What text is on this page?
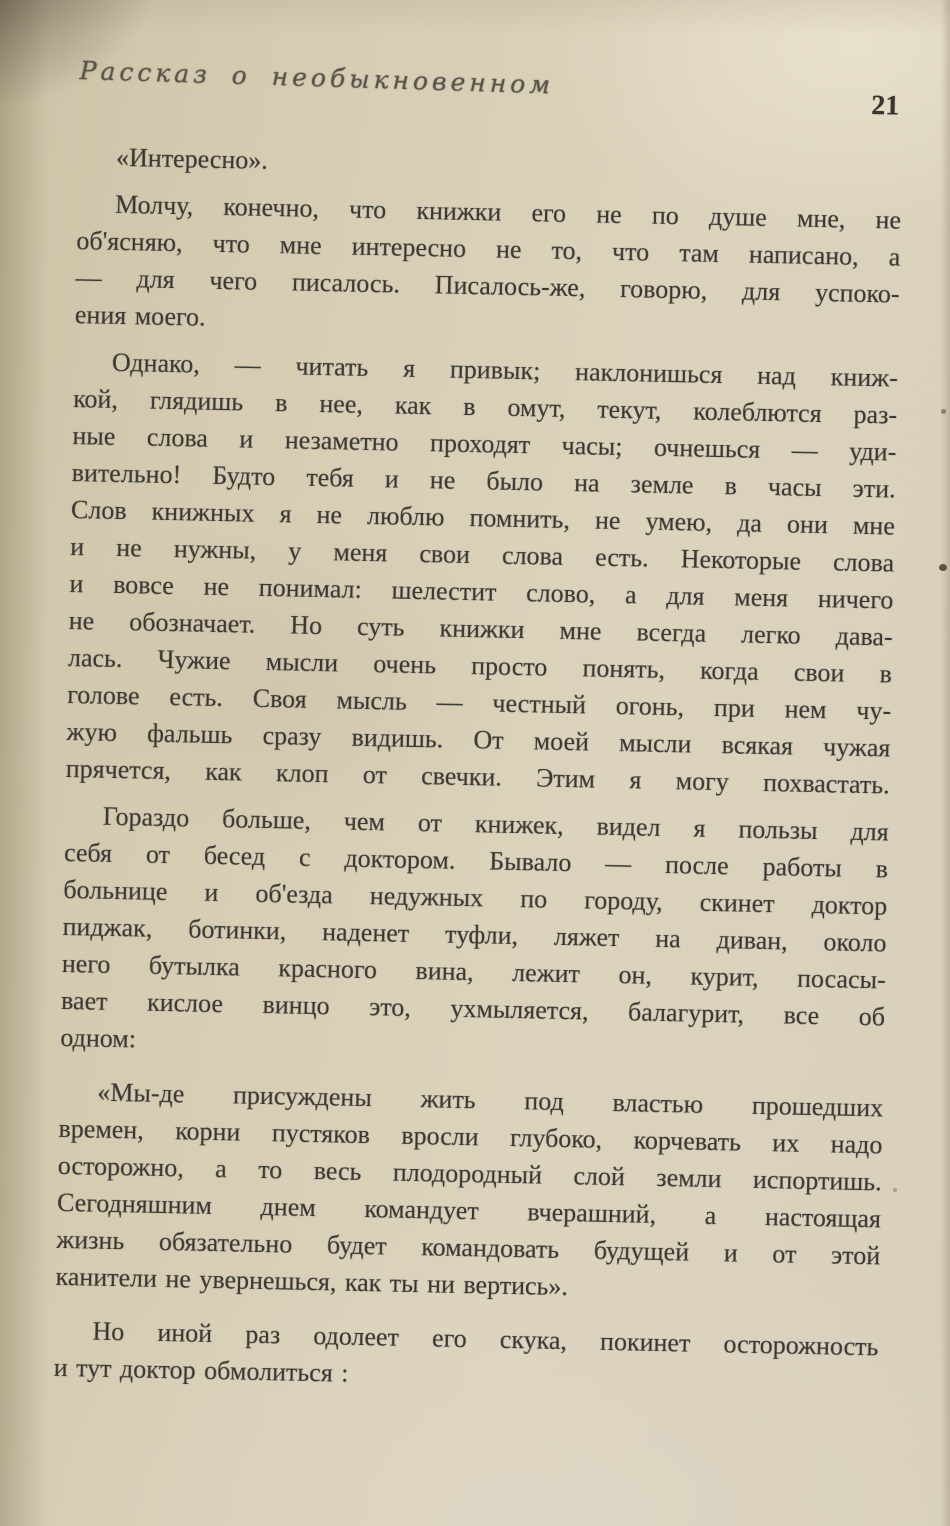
Рассказ о необыкновенном
21
«Интересно».
Молчу, конечно, что книжки его не по душе мне, не
об'ясняю, что мне интересно не то, что там написано, а
— для чего писалось. Писалось-же, говорю, для успоко-
ения моего.
Однако, — читать я привык; наклонишься над книж-
кой, глядишь в нее, как в омут, текут, колеблются раз-
ные слова и незаметно проходят часы; очнешься — уди-
вительно! Будто тебя и не было на земле в часы эти.
Слов книжных я не люблю помнить, не умею, да они мне
и не нужны, у меня свои слова есть. Некоторые слова
и вовсе не понимал: шелестит слово, а для меня ничего
не обозначает. Но суть книжки мне всегда легко дава-
лась. Чужие мысли очень просто понять, когда свои в
голове есть. Своя мысль — честный огонь, при нем чу-
жую фальшь сразу видишь. От моей мысли всякая чужая
прячется, как клоп от свечки. Этим я могу похвастать.
Гораздо больше, чем от книжек, видел я пользы для
себя от бесед с доктором. Бывало — после работы в
больнице и об'езда недужных по городу, скинет доктор
пиджак, ботинки, наденет туфли, ляжет на диван, около
него бутылка красного вина, лежит он, курит, посасы-
вает кислое винцо это, ухмыляется, балагурит, все об
одном:
«Мы-де присуждены жить под властью прошедших
времен, корни пустяков вросли глубоко, корчевать их надо
осторожно, а то весь плодородный слой земли испортишь.
Сегодняшним днем командует вчерашний, а настоящая
жизнь обязательно будет командовать будущей и от этой
канители не увернешься, как ты ни вертись».
Но иной раз одолеет его скука, покинет осторожность
и тут доктор обмолиться :
